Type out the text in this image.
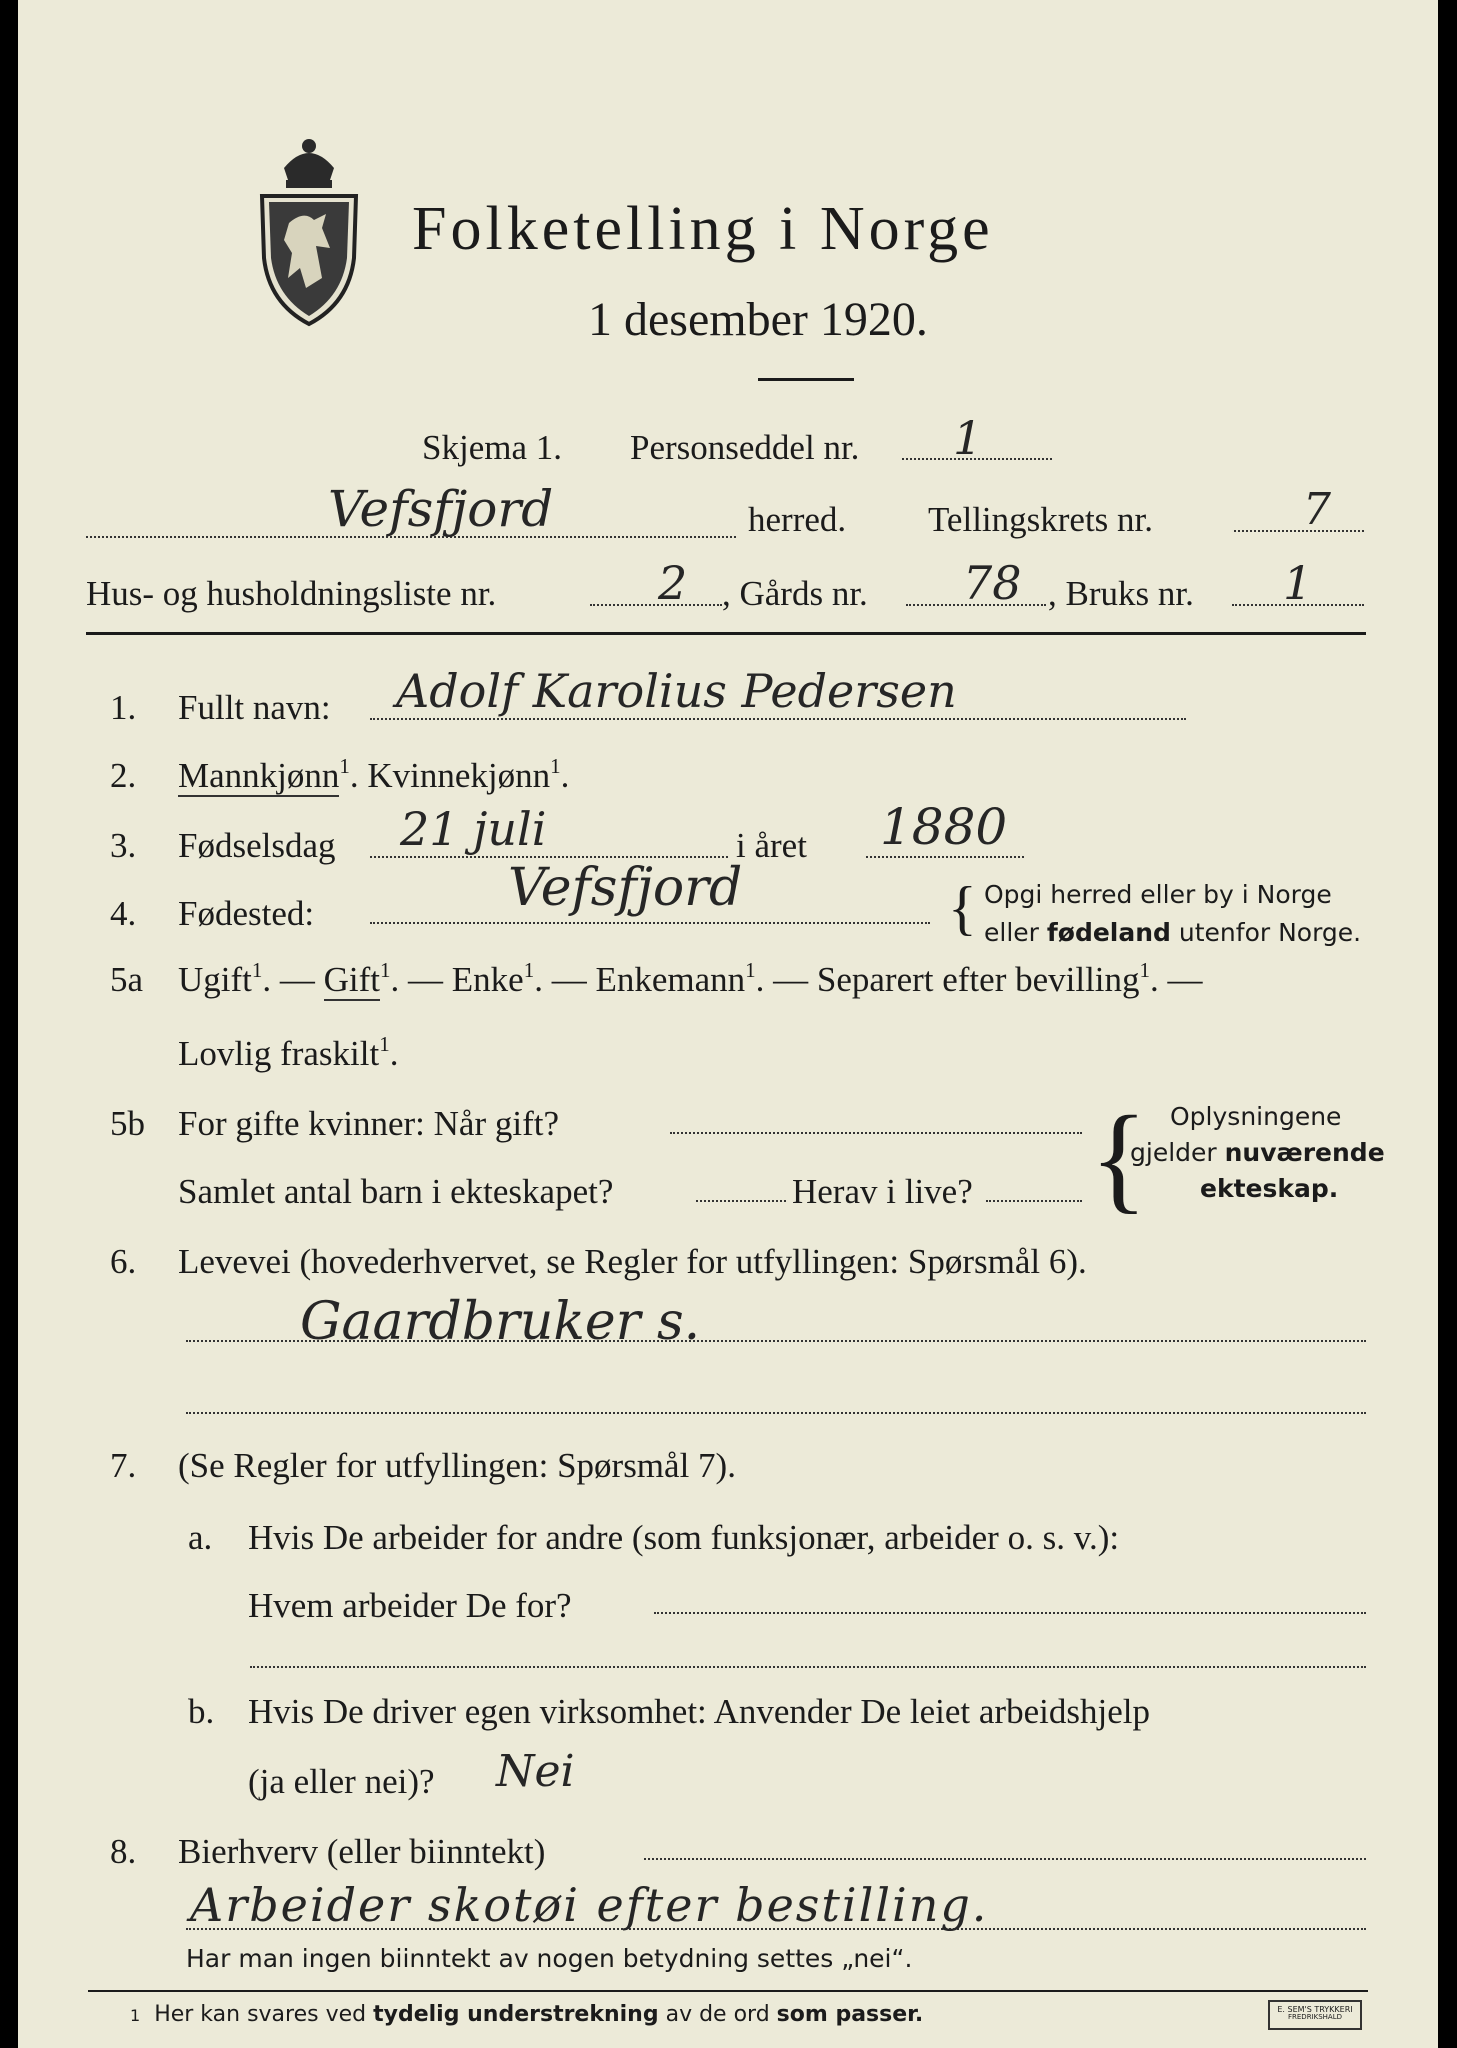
Folketelling i Norge
1 desember 1920.
Skjema 1. Personseddel nr. 1
Vefsfjord	herred. Tellingskrets nr.	7
Hus- og husholdningsliste nr.	2 , Gårds nr. 78 , Bruks nr. 1
1. Fullt navn: Adolf Karolius Pedersen
2. Mannkjønn$^1$. Kvinnekjønn$^1$.
3. Fødselsdag 21 juli	i året 1880
4. Fødested:	Vefsfjord	{ Opgi herred eller by i Norge
eller fødeland utenfor Norge.
5a Ugift$^1$. — Gift$^1$. — Enke$^1$. — Enkemann$^1$. — Separert efter bevilling$^1$. —
Lovlig fraskilt$^1$.
5b For gifte kvinner: Når gift?
Samlet antal barn i ekteskapet?	Herav i live? { Oplysningene
gjelder nuværende
ekteskap.
6. Levevei (hovederhvervet, se Regler for utfyllingen: Spørsmål 6).
Gaardbruker s.
7. (Se Regler for utfyllingen: Spørsmål 7).
a. Hvis De arbeider for andre (som funksjonær, arbeider o. s. v.):
Hvem arbeider De for?
b. Hvis De driver egen virksomhet: Anvender De leiet arbeidshjelp
(ja eller nei)? Nei
8. Bierhverv (eller biinntekt)
Arbeider skotøi efter bestilling.
Har man ingen biinntekt av nogen betydning settes „nei“.
1 Her kan svares ved tydelig understrekning av de ord som passer.	E. SEM'S TRYKKERI
FREDRIKSHALD
